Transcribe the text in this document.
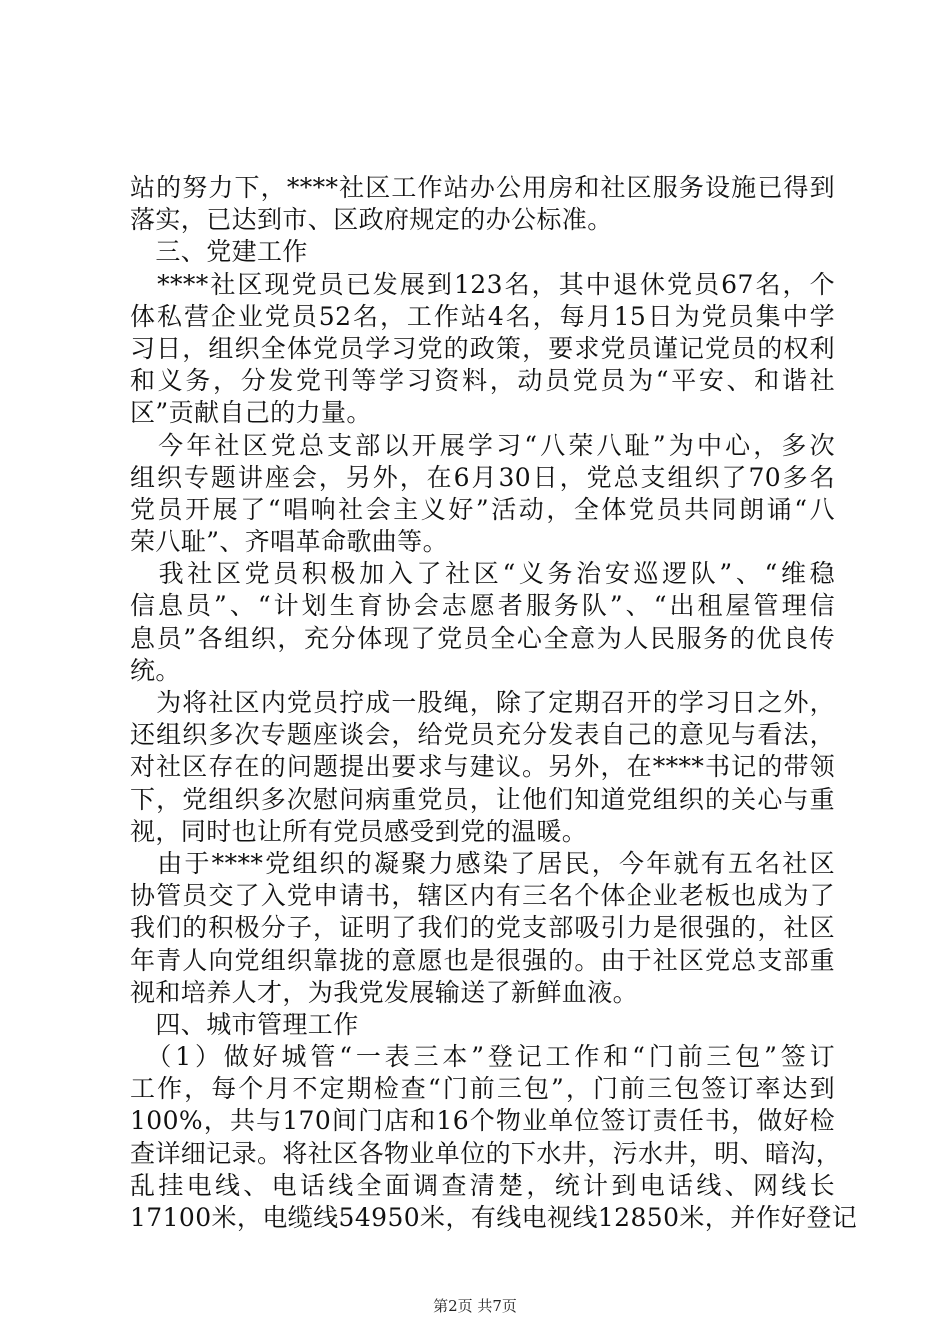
站的努力下，****社区工作站办公用房和社区服务设施已得到
落实，已达到市、区政府规定的办公标准。
　三、党建工作
　****社区现党员已发展到123名，其中退休党员67名，个
体私营企业党员52名，工作站4名，每月15日为党员集中学
习日，组织全体党员学习党的政策，要求党员谨记党员的权利
和义务，分发党刊等学习资料，动员党员为“平安、和谐社
区”贡献自己的力量。
　今年社区党总支部以开展学习“八荣八耻”为中心，多次
组织专题讲座会，另外，在6月30日，党总支组织了70多名
党员开展了“唱响社会主义好”活动，全体党员共同朗诵“八
荣八耻”、齐唱革命歌曲等。
　我社区党员积极加入了社区“义务治安巡逻队”、“维稳
信息员”、“计划生育协会志愿者服务队”、“出租屋管理信
息员”各组织，充分体现了党员全心全意为人民服务的优良传
统。
　为将社区内党员拧成一股绳，除了定期召开的学习日之外，
还组织多次专题座谈会，给党员充分发表自己的意见与看法，
对社区存在的问题提出要求与建议。另外，在****书记的带领
下，党组织多次慰问病重党员，让他们知道党组织的关心与重
视，同时也让所有党员感受到党的温暖。
　由于****党组织的凝聚力感染了居民，今年就有五名社区
协管员交了入党申请书，辖区内有三名个体企业老板也成为了
我们的积极分子，证明了我们的党支部吸引力是很强的，社区
年青人向党组织靠拢的意愿也是很强的。由于社区党总支部重
视和培养人才，为我党发展输送了新鲜血液。
　四、城市管理工作
　（1）做好城管“一表三本”登记工作和“门前三包”签订
工作，每个月不定期检查“门前三包”，门前三包签订率达到
100%，共与170间门店和16个物业单位签订责任书，做好检
查详细记录。将社区各物业单位的下水井，污水井，明、暗沟，
乱挂电线、电话线全面调查清楚，统计到电话线、网线长
17100米，电缆线54950米，有线电视线12850米，并作好登记
第2页 共7页
